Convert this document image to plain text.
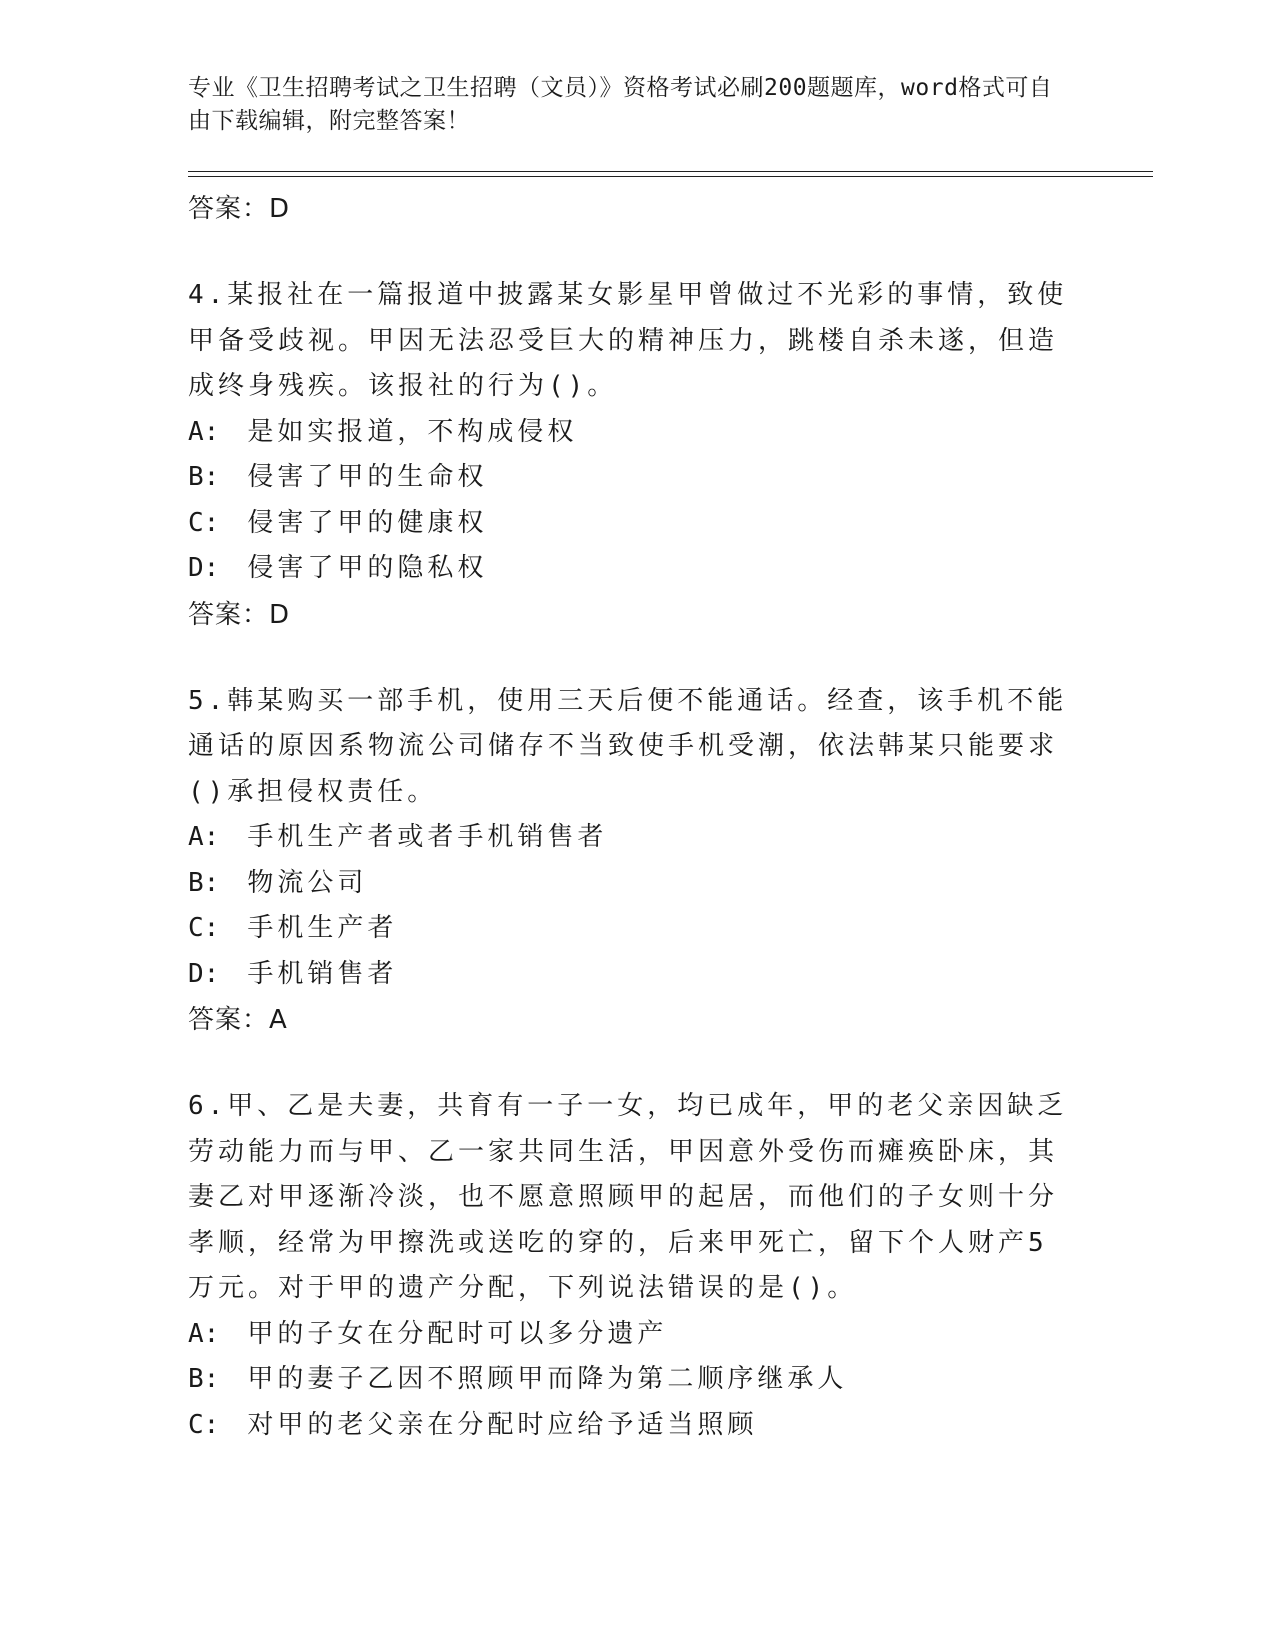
专业《卫生招聘考试之卫生招聘（文员）》资格考试必刷200题题库，word格式可自由下载编辑，附完整答案！
答案：D
4.某报社在一篇报道中披露某女影星甲曾做过不光彩的事情，致使甲备受歧视。甲因无法忍受巨大的精神压力，跳楼自杀未遂，但造成终身残疾。该报社的行为()。
A: 是如实报道，不构成侵权
B: 侵害了甲的生命权
C: 侵害了甲的健康权
D: 侵害了甲的隐私权
答案：D
5.韩某购买一部手机，使用三天后便不能通话。经查，该手机不能通话的原因系物流公司储存不当致使手机受潮，依法韩某只能要求()承担侵权责任。
A: 手机生产者或者手机销售者
B: 物流公司
C: 手机生产者
D: 手机销售者
答案：A
6.甲、乙是夫妻，共育有一子一女，均已成年，甲的老父亲因缺乏劳动能力而与甲、乙一家共同生活，甲因意外受伤而瘫痪卧床，其妻乙对甲逐渐冷淡，也不愿意照顾甲的起居，而他们的子女则十分孝顺，经常为甲擦洗或送吃的穿的，后来甲死亡，留下个人财产5万元。对于甲的遗产分配，下列说法错误的是()。
A: 甲的子女在分配时可以多分遗产
B: 甲的妻子乙因不照顾甲而降为第二顺序继承人
C: 对甲的老父亲在分配时应给予适当照顾
